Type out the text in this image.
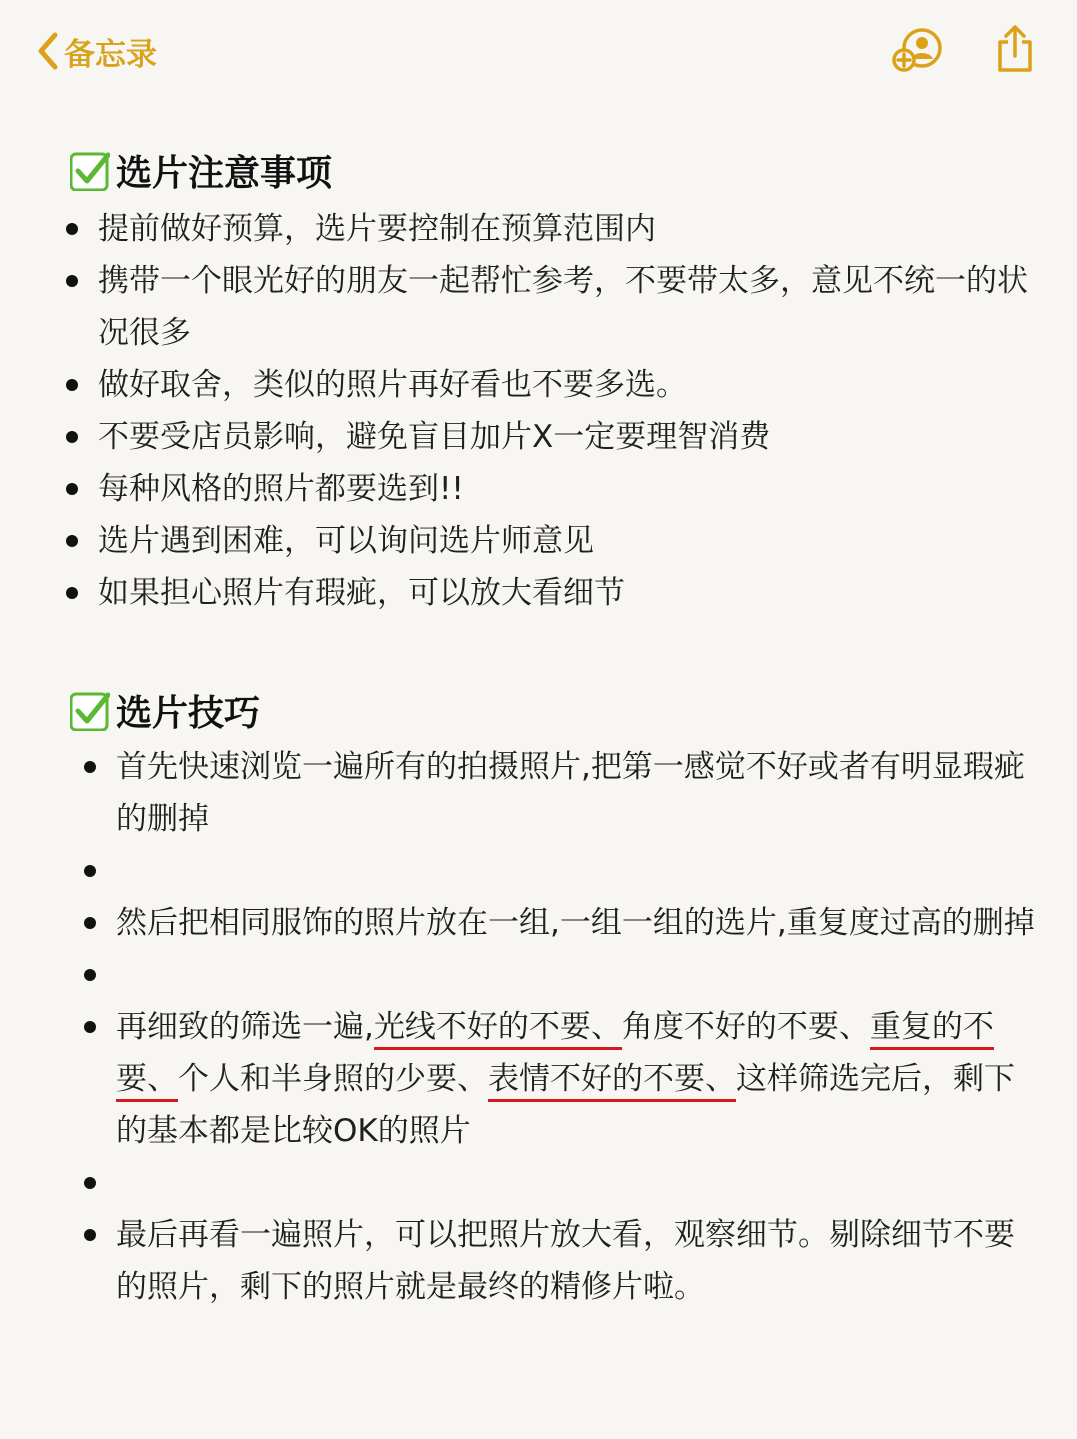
备忘录
选片注意事项
提前做好预算，选片要控制在预算范围内
携带一个眼光好的朋友一起帮忙参考，不要带太多，意见不统一的状况很多
做好取舍，类似的照片再好看也不要多选。
不要受店员影响，避免盲目加片X一定要理智消费
每种风格的照片都要选到!!
选片遇到困难，可以询问选片师意见
如果担心照片有瑕疵，可以放大看细节
选片技巧
首先快速浏览一遍所有的拍摄照片,把第一感觉不好或者有明显瑕疵的删掉
然后把相同服饰的照片放在一组,一组一组的选片,重复度过高的删掉
再细致的筛选一遍,光线不好的不要、角度不好的不要、重复的不要、个人和半身照的少要、表情不好的不要、这样筛选完后，剩下的基本都是比较OK的照片
最后再看一遍照片，可以把照片放大看，观察细节。剔除细节不要的照片，剩下的照片就是最终的精修片啦。
